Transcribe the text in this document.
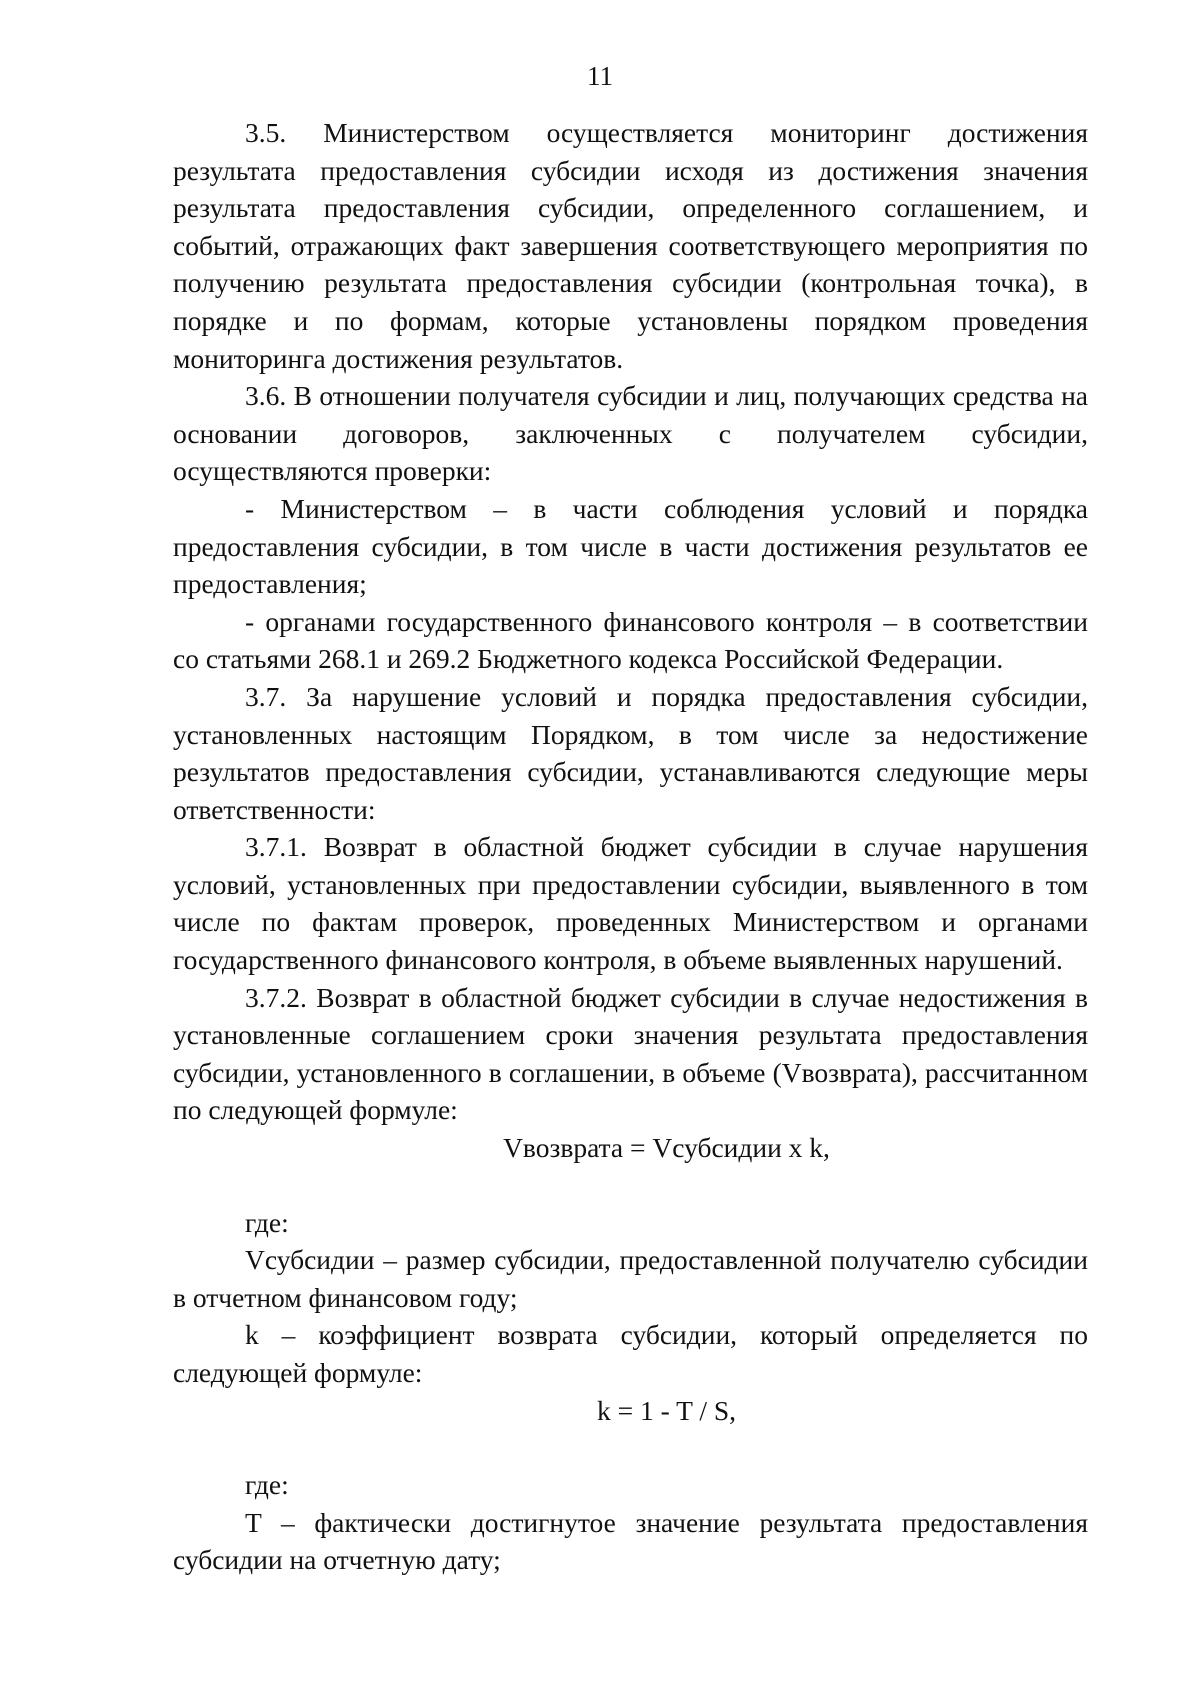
11

3.5. Министерством осуществляется мониторинг достижения результата предоставления субсидии исходя из достижения значения результата предоставления субсидии, определенного соглашением, и событий, отражающих факт завершения соответствующего мероприятия по получению результата предоставления субсидии (контрольная точка), в порядке и по формам, которые установлены порядком проведения мониторинга достижения результатов.

3.6. В отношении получателя субсидии и лиц, получающих средства на основании договоров, заключенных с получателем субсидии, осуществляются проверки:

- Министерством – в части соблюдения условий и порядка предоставления субсидии, в том числе в части достижения результатов ее предоставления;

- органами государственного финансового контроля – в соответствии со статьями 268.1 и 269.2 Бюджетного кодекса Российской Федерации.

3.7. За нарушение условий и порядка предоставления субсидии, установленных настоящим Порядком, в том числе за недостижение результатов предоставления субсидии, устанавливаются следующие меры ответственности:

3.7.1. Возврат в областной бюджет субсидии в случае нарушения условий, установленных при предоставлении субсидии, выявленного в том числе по фактам проверок, проведенных Министерством и органами государственного финансового контроля, в объеме выявленных нарушений.

3.7.2. Возврат в областной бюджет субсидии в случае недостижения в установленные соглашением сроки значения результата предоставления субсидии, установленного в соглашении, в объеме (Vвозврата), рассчитанном по следующей формуле:

Vвозврата = Vсубсидии x k,

где:

Vсубсидии – размер субсидии, предоставленной получателю субсидии в отчетном финансовом году;

k – коэффициент возврата субсидии, который определяется по следующей формуле:

k = 1 - T / S,

где:

T – фактически достигнутое значение результата предоставления субсидии на отчетную дату;
